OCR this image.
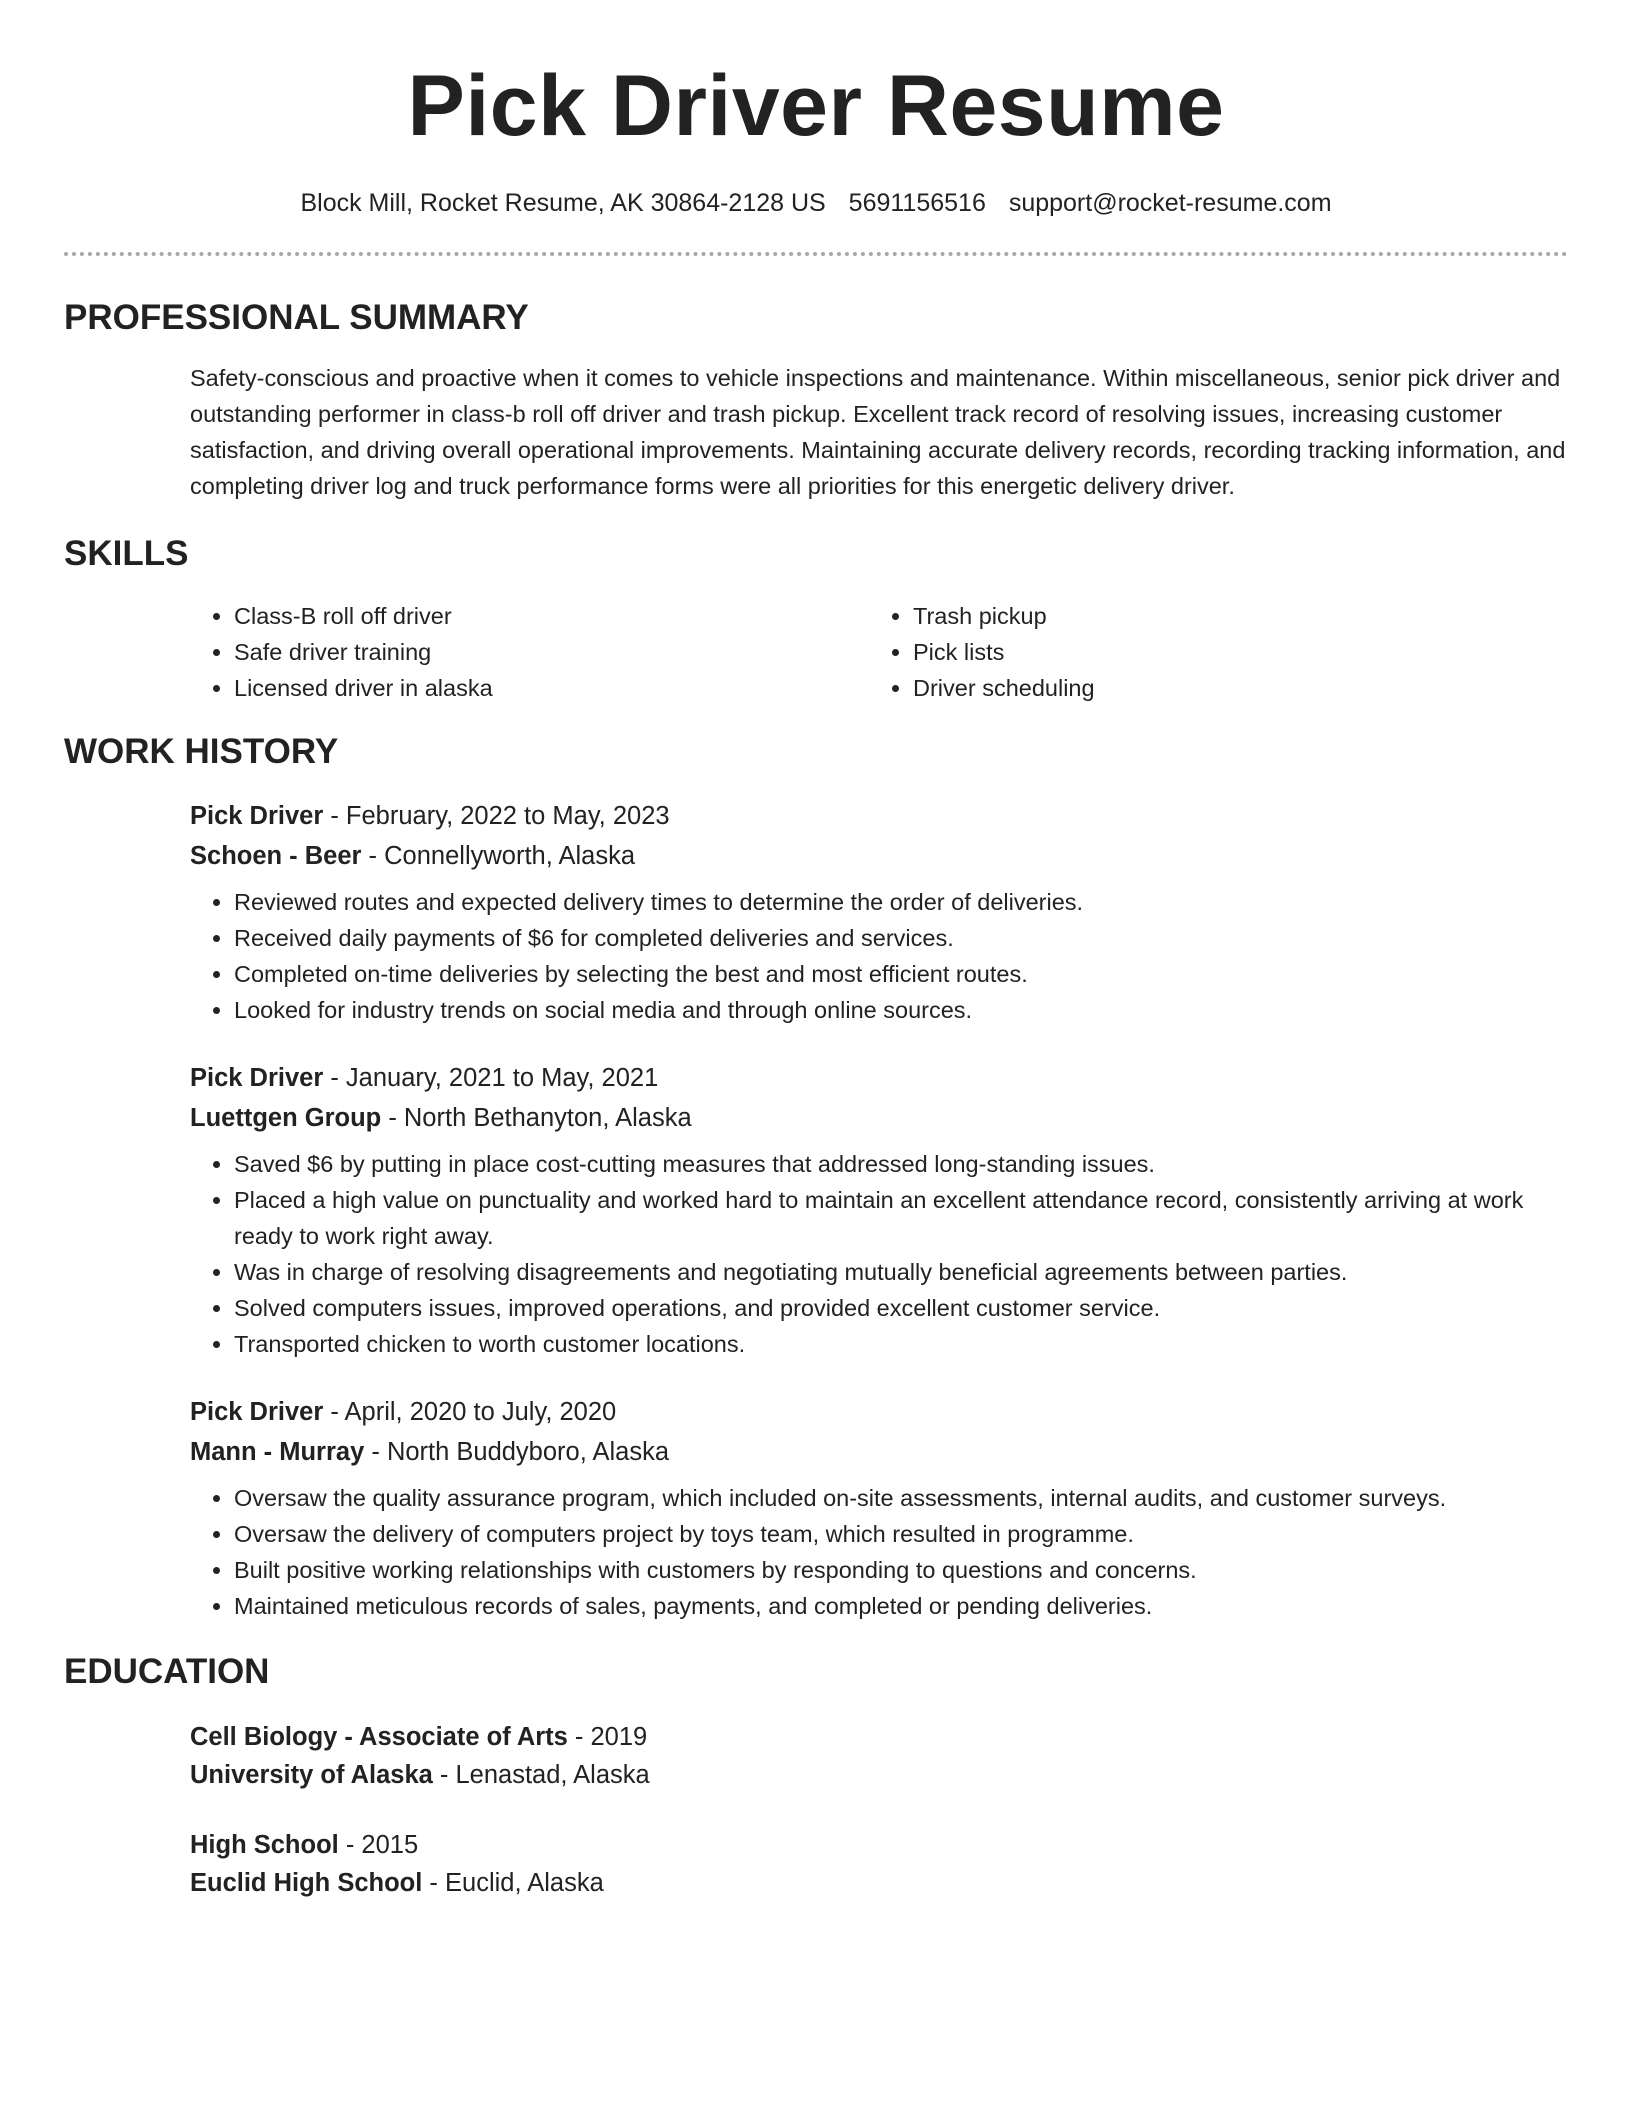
Pick Driver Resume
Block Mill, Rocket Resume, AK 30864-2128 US 5691156516 support@rocket-resume.com
PROFESSIONAL SUMMARY
Safety-conscious and proactive when it comes to vehicle inspections and maintenance. Within miscellaneous, senior pick driver and outstanding performer in class-b roll off driver and trash pickup. Excellent track record of resolving issues, increasing customer satisfaction, and driving overall operational improvements. Maintaining accurate delivery records, recording tracking information, and completing driver log and truck performance forms were all priorities for this energetic delivery driver.
SKILLS
• Class-B roll off driver
• Safe driver training
• Licensed driver in alaska
• Trash pickup
• Pick lists
• Driver scheduling
WORK HISTORY
Pick Driver - February, 2022 to May, 2023
Schoen - Beer - Connellyworth, Alaska
• Reviewed routes and expected delivery times to determine the order of deliveries.
• Received daily payments of $6 for completed deliveries and services.
• Completed on-time deliveries by selecting the best and most efficient routes.
• Looked for industry trends on social media and through online sources.
Pick Driver - January, 2021 to May, 2021
Luettgen Group - North Bethanyton, Alaska
• Saved $6 by putting in place cost-cutting measures that addressed long-standing issues.
• Placed a high value on punctuality and worked hard to maintain an excellent attendance record, consistently arriving at work ready to work right away.
• Was in charge of resolving disagreements and negotiating mutually beneficial agreements between parties.
• Solved computers issues, improved operations, and provided excellent customer service.
• Transported chicken to worth customer locations.
Pick Driver - April, 2020 to July, 2020
Mann - Murray - North Buddyboro, Alaska
• Oversaw the quality assurance program, which included on-site assessments, internal audits, and customer surveys.
• Oversaw the delivery of computers project by toys team, which resulted in programme.
• Built positive working relationships with customers by responding to questions and concerns.
• Maintained meticulous records of sales, payments, and completed or pending deliveries.
EDUCATION
Cell Biology - Associate of Arts - 2019
University of Alaska - Lenastad, Alaska
High School - 2015
Euclid High School - Euclid, Alaska
